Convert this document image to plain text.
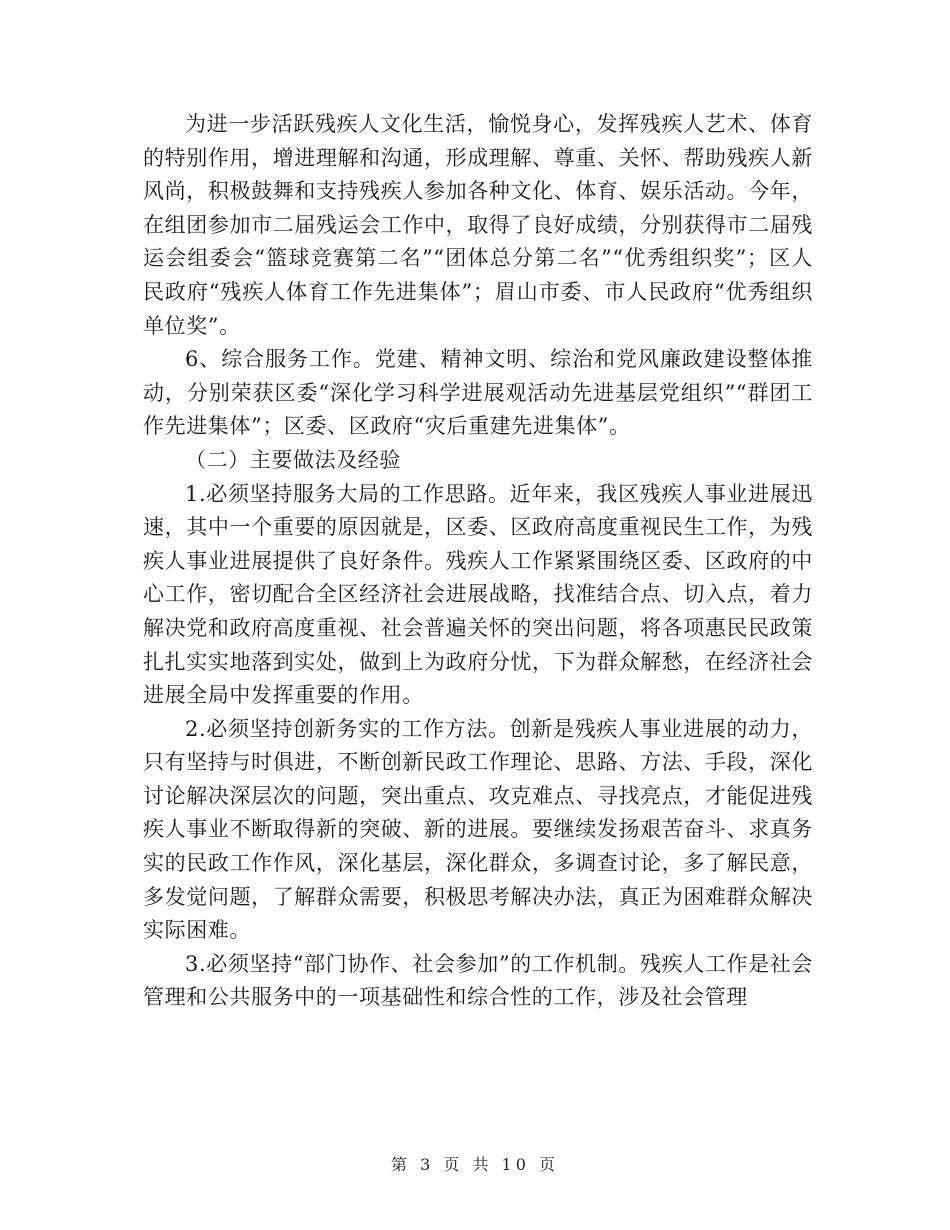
为进一步活跃残疾人文化生活，愉悦身心，发挥残疾人艺术、体育的特别作用，增进理解和沟通，形成理解、尊重、关怀、帮助残疾人新风尚，积极鼓舞和支持残疾人参加各种文化、体育、娱乐活动。今年，在组团参加市二届残运会工作中，取得了良好成绩，分别获得市二届残运会组委会“篮球竞赛第二名”“团体总分第二名”“优秀组织奖”；区人民政府“残疾人体育工作先进集体”；眉山市委、市人民政府“优秀组织单位奖”。

6、综合服务工作。党建、精神文明、综治和党风廉政建设整体推动，分别荣获区委“深化学习科学进展观活动先进基层党组织”“群团工作先进集体”；区委、区政府“灾后重建先进集体”。

（二）主要做法及经验

1.必须坚持服务大局的工作思路。近年来，我区残疾人事业进展迅速，其中一个重要的原因就是，区委、区政府高度重视民生工作，为残疾人事业进展提供了良好条件。残疾人工作紧紧围绕区委、区政府的中心工作，密切配合全区经济社会进展战略，找准结合点、切入点，着力解决党和政府高度重视、社会普遍关怀的突出问题，将各项惠民民政策扎扎实实地落到实处，做到上为政府分忧，下为群众解愁，在经济社会进展全局中发挥重要的作用。

2.必须坚持创新务实的工作方法。创新是残疾人事业进展的动力，只有坚持与时俱进，不断创新民政工作理论、思路、方法、手段，深化讨论解决深层次的问题，突出重点、攻克难点、寻找亮点，才能促进残疾人事业不断取得新的突破、新的进展。要继续发扬艰苦奋斗、求真务实的民政工作作风，深化基层，深化群众，多调查讨论，多了解民意，多发觉问题，了解群众需要，积极思考解决办法，真正为困难群众解决实际困难。

3.必须坚持“部门协作、社会参加”的工作机制。残疾人工作是社会管理和公共服务中的一项基础性和综合性的工作，涉及社会管理

第 3 页 共 10 页
